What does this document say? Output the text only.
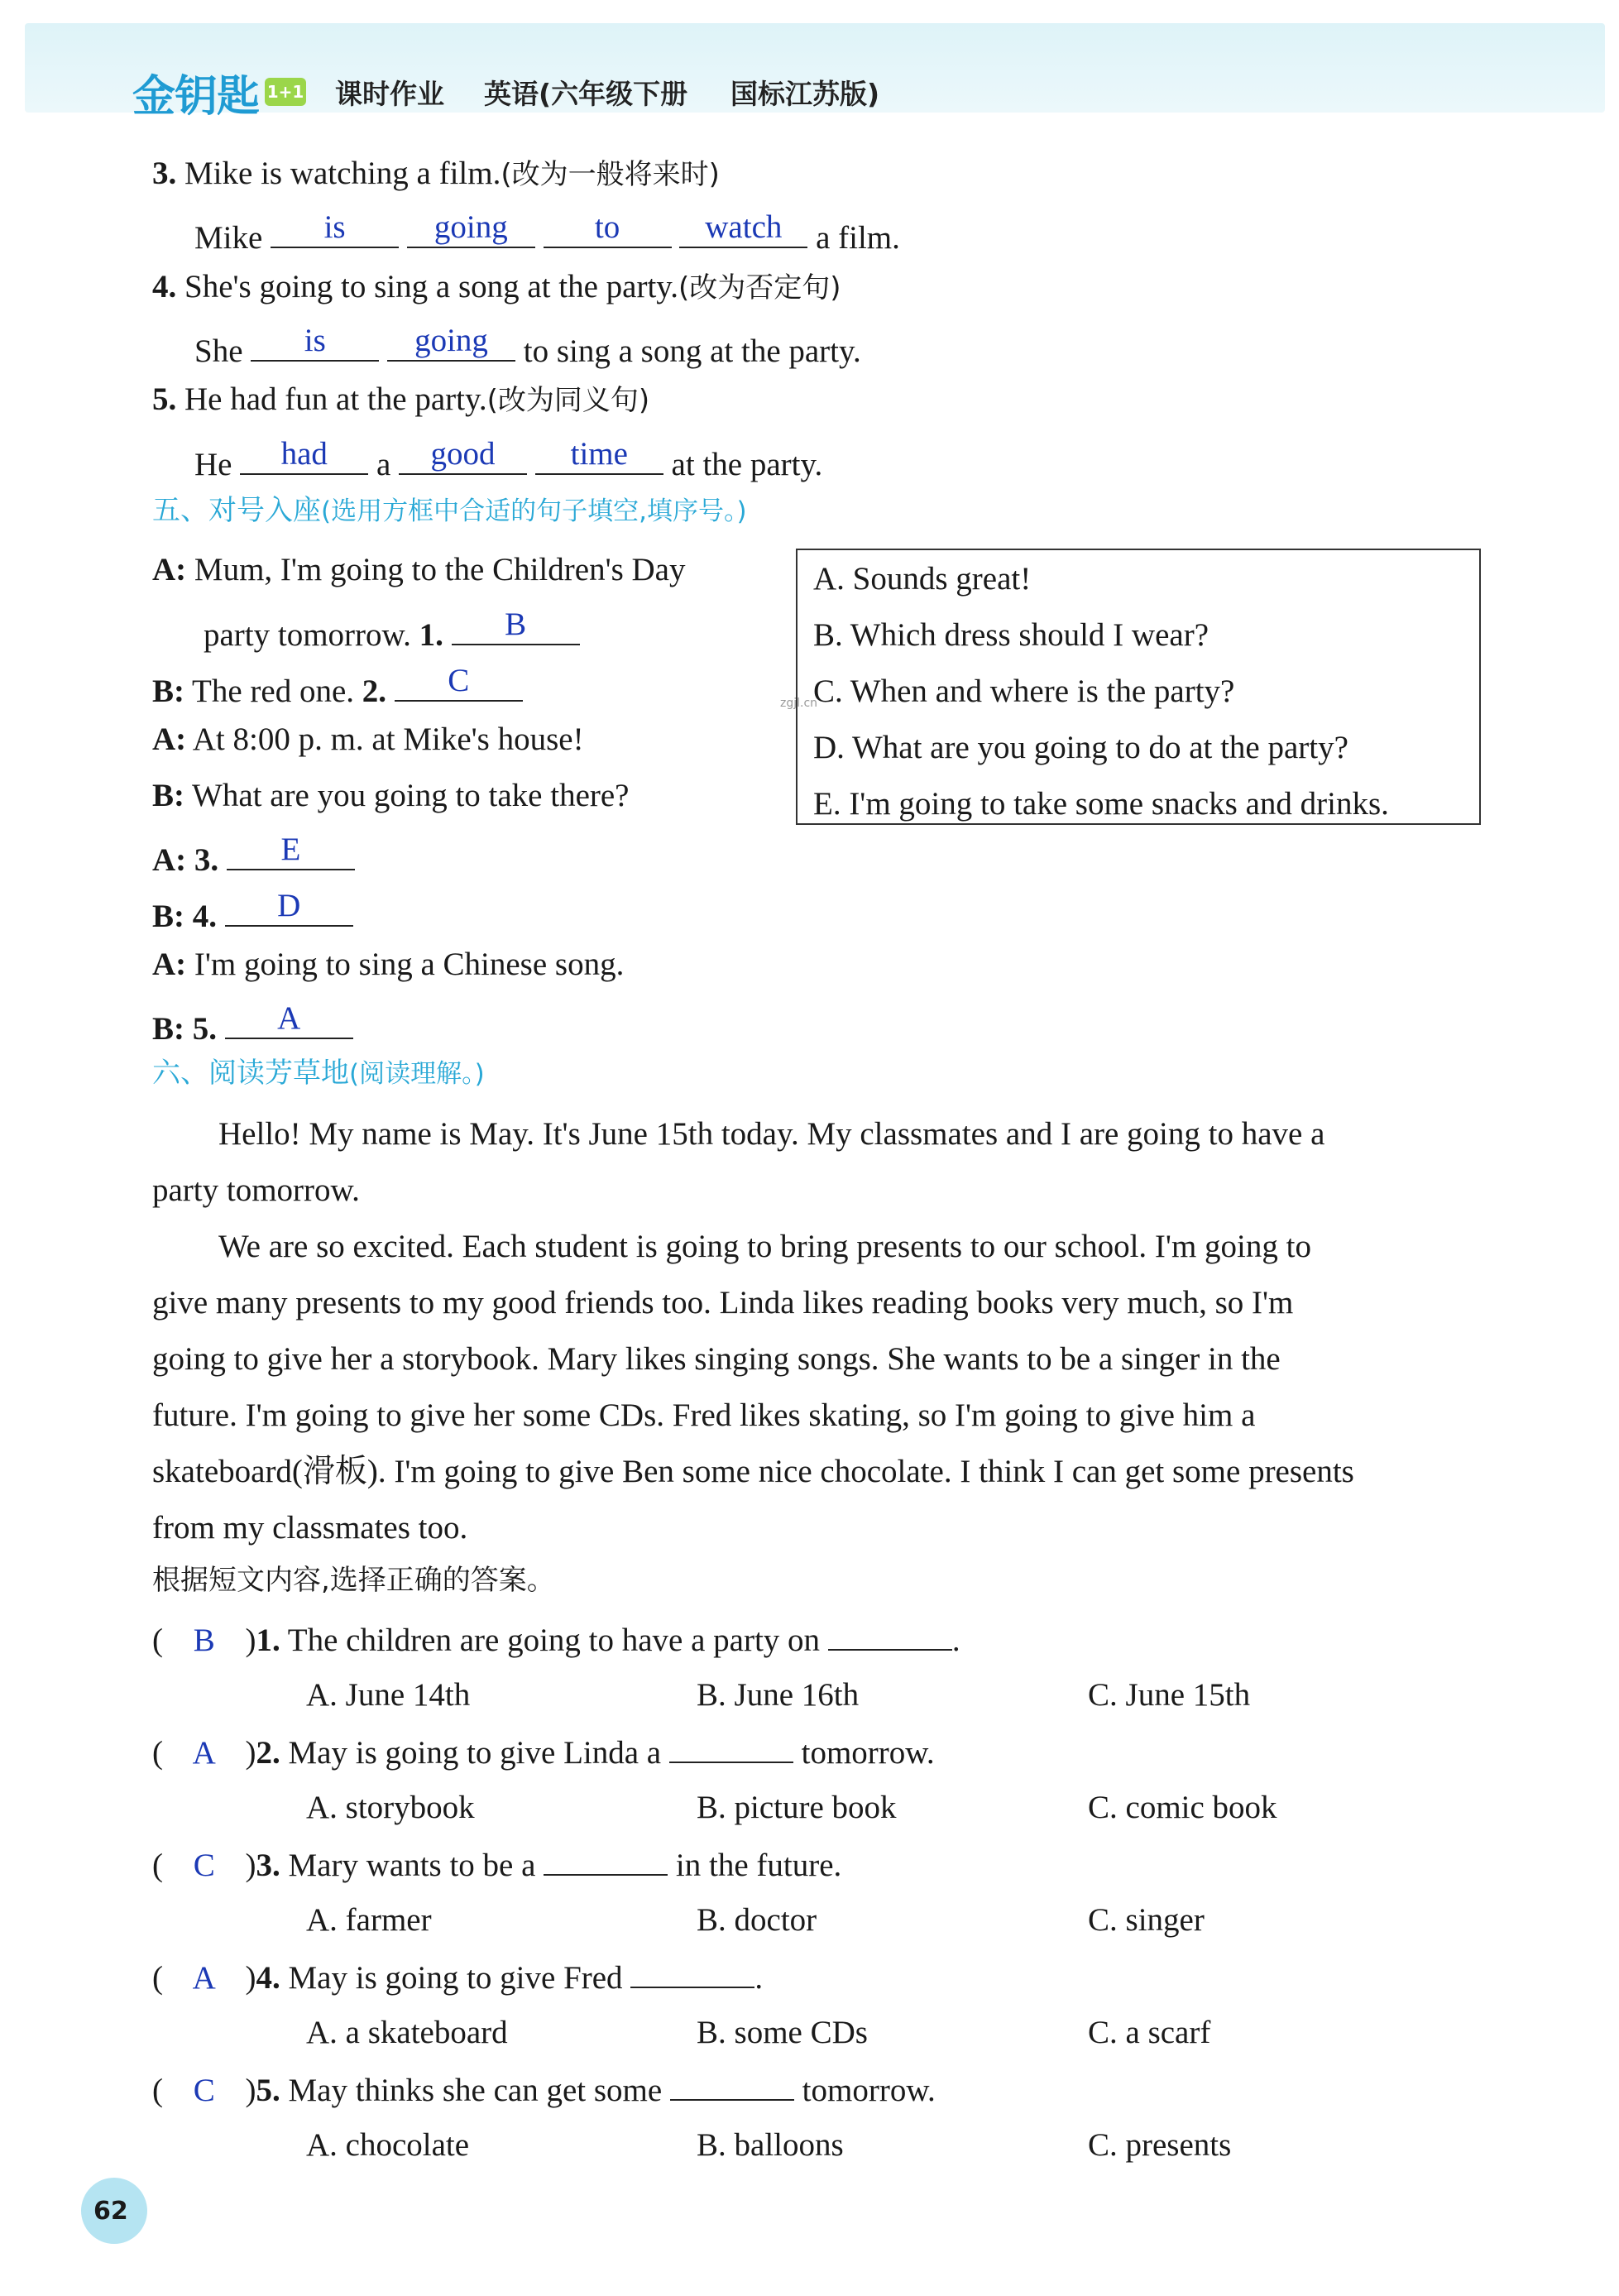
金钥匙 1+1 课时作业 英语(六年级下册 国标江苏版)
3. Mike is watching a film.(改为一般将来时)
Mike	is
	going
	to
	watch	a film.
4. She's going to sing a song at the party.(改为否定句)
She	is
	going	to sing a song at the party.
5. He had fun at the party.(改为同义句)
He	had	a	good
	time	at the party.
五、对号入座(选用方框中合适的句子填空,填序号。)
A: Mum, I'm going to the Children's Day
party tomorrow. 1.	B
B: The red one. 2.	C
A: At 8:00 p. m. at Mike's house!
B: What are you going to take there?
A: 3.	E
B: 4.	D
A: I'm going to sing a Chinese song.
B: 5.	A
A. Sounds great!
B. Which dress should I wear?
C. When and where is the party?
D. What are you going to do at the party?
E. I'm going to take some snacks and drinks.
zgjl.cn
六、阅读芳草地(阅读理解。)
Hello! My name is May. It's June 15th today. My classmates and I are going to have a
party tomorrow.
We are so excited. Each student is going to bring presents to our school. I'm going to
give many presents to my good friends too. Linda likes reading books very much, so I'm
going to give her a storybook. Mary likes singing songs. She wants to be a singer in the
future. I'm going to give her some CDs. Fred likes skating, so I'm going to give him a
skateboard(滑板). I'm going to give Ben some nice chocolate. I think I can get some presents
from my classmates too.
根据短文内容,选择正确的答案。
( B )1. The children are going to have a party on	.
A. June 14th	B. June 16th	C. June 15th
( A )2. May is going to give Linda a	tomorrow.
A. storybook	B. picture book	C. comic book
( C )3. Mary wants to be a	in the future.
A. farmer	B. doctor	C. singer
( A )4. May is going to give Fred	.
A. a skateboard	B. some CDs	C. a scarf
( C )5. May thinks she can get some	tomorrow.
A. chocolate	B. balloons	C. presents
62
